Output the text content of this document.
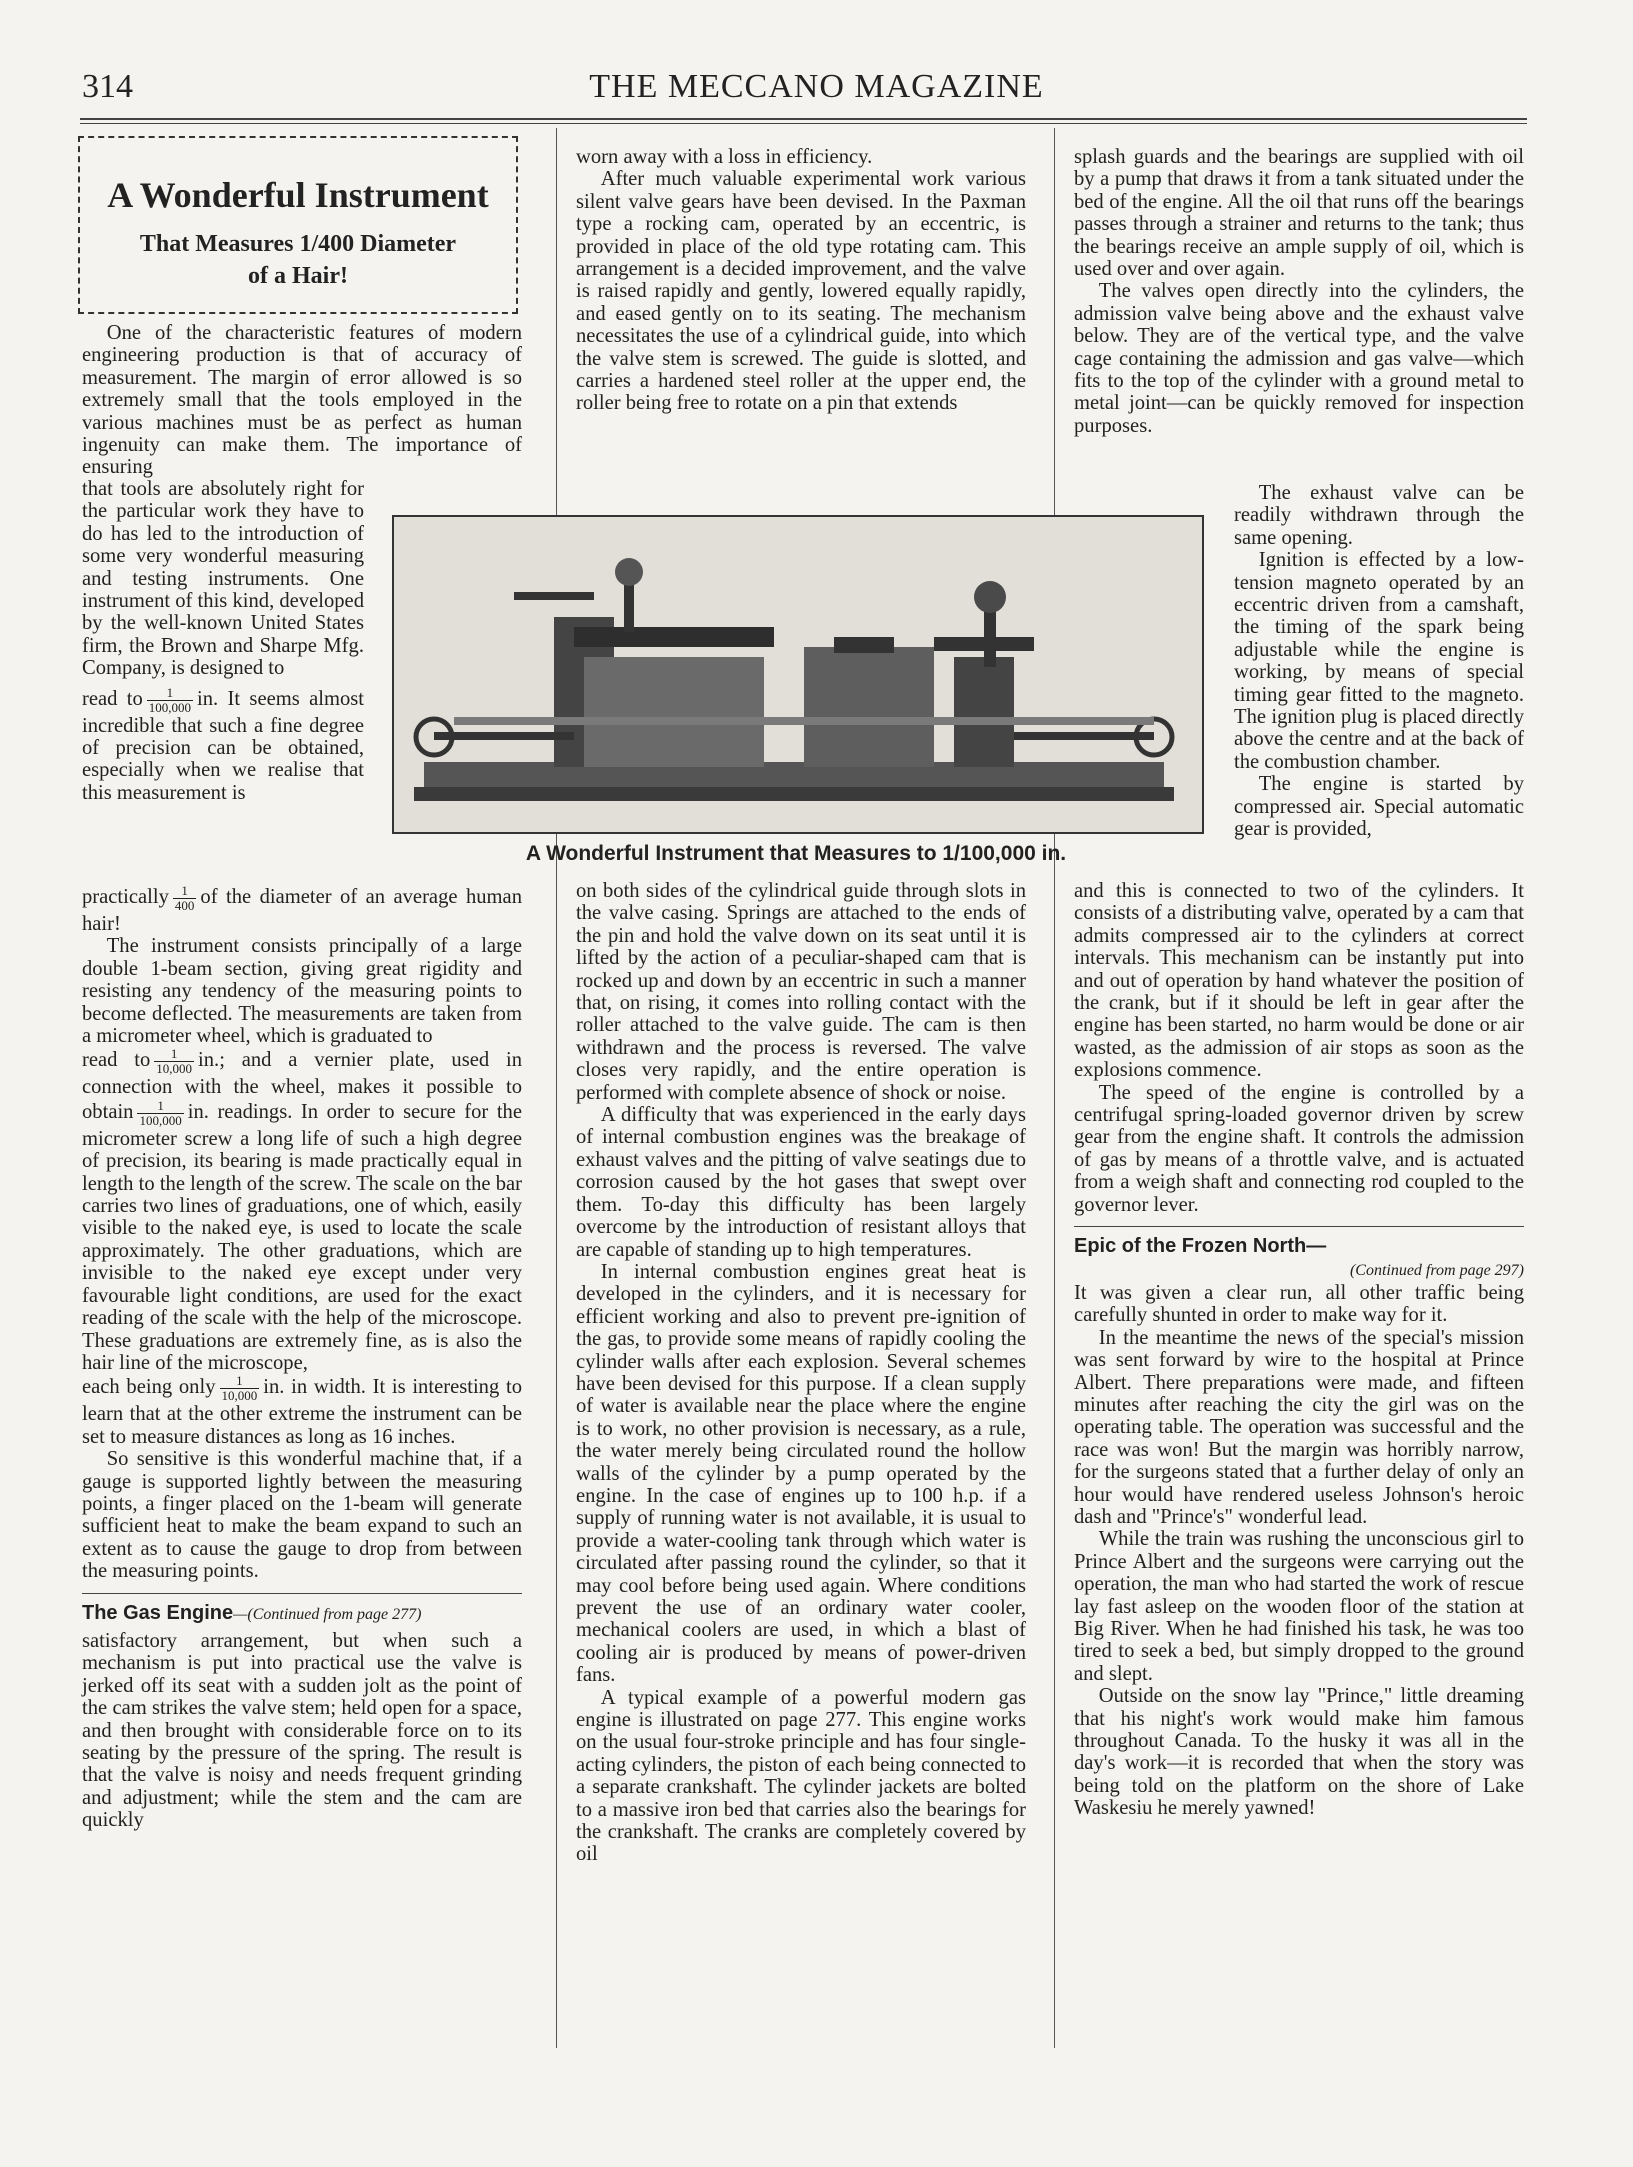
314	THE MECCANO MAGAZINE
A Wonderful Instrument
That Measures 1/400 Diameter
of a Hair!

One of the characteristic features of modern engineering production is that of accuracy of measurement. The margin of error allowed is so extremely small that the tools employed in the various machines must be as perfect as human ingenuity can make them. The importance of ensuring

that tools are absolutely right for the particular work they have to do has led to the introduction of some very wonderful measuring and testing instruments. One instrument of this kind, developed by the well-known United States firm, the Brown and Sharpe Mfg. Company, is designed to

read to $\frac{1}{100,000}$ in. It seems almost incredible that such a fine degree of precision can be obtained, especially when we realise that this measurement is

practically $\frac{1}{400}$ of the diameter of an average human hair!

The instrument consists principally of a large double 1-beam section, giving great rigidity and resisting any tendency of the measuring points to become deflected. The measurements are taken from a micrometer wheel, which is graduated to

read to $\frac{1}{10,000}$ in.; and a vernier plate, used in connection with the wheel, makes it possible to obtain $\frac{1}{100,000}$ in. readings. In order to secure for the micrometer screw a long life of such a high degree of precision, its bearing is made practically equal in length to the length of the screw. The scale on the bar carries two lines of graduations, one of which, easily visible to the naked eye, is used to locate the scale approximately. The other graduations, which are invisible to the naked eye except under very favourable light conditions, are used for the exact reading of the scale with the help of the microscope. These graduations are extremely fine, as is also the hair line of the microscope,

each being only $\frac{1}{10,000}$ in. in width. It is interesting to learn that at the other extreme the instrument can be set to measure distances as long as 16 inches.

So sensitive is this wonderful machine that, if a gauge is supported lightly between the measuring points, a finger placed on the 1-beam will generate sufficient heat to make the beam expand to such an extent as to cause the gauge to drop from between the measuring points.

The Gas Engine—(Continued from page 277)

satisfactory arrangement, but when such a mechanism is put into practical use the valve is jerked off its seat with a sudden jolt as the point of the cam strikes the valve stem; held open for a space, and then brought with considerable force on to its seating by the pressure of the spring. The result is that the valve is noisy and needs frequent grinding and adjustment; while the stem and the cam are quickly

worn away with a loss in efficiency.

After much valuable experimental work various silent valve gears have been devised. In the Paxman type a rocking cam, operated by an eccentric, is provided in place of the old type rotating cam. This arrangement is a decided improvement, and the valve is raised rapidly and gently, lowered equally rapidly, and eased gently on to its seating. The mechanism necessitates the use of a cylindrical guide, into which the valve stem is screwed. The guide is slotted, and carries a hardened steel roller at the upper end, the roller being free to rotate on a pin that extends

A Wonderful Instrument that Measures to 1/100,000 in.

on both sides of the cylindrical guide through slots in the valve casing. Springs are attached to the ends of the pin and hold the valve down on its seat until it is lifted by the action of a peculiar-shaped cam that is rocked up and down by an eccentric in such a manner that, on rising, it comes into rolling contact with the roller attached to the valve guide. The cam is then withdrawn and the process is reversed. The valve closes very rapidly, and the entire operation is performed with complete absence of shock or noise.

A difficulty that was experienced in the early days of internal combustion engines was the breakage of exhaust valves and the pitting of valve seatings due to corrosion caused by the hot gases that swept over them. To-day this difficulty has been largely overcome by the introduction of resistant alloys that are capable of standing up to high temperatures.

In internal combustion engines great heat is developed in the cylinders, and it is necessary for efficient working and also to prevent pre-ignition of the gas, to provide some means of rapidly cooling the cylinder walls after each explosion. Several schemes have been devised for this purpose. If a clean supply of water is available near the place where the engine is to work, no other provision is necessary, as a rule, the water merely being circulated round the hollow walls of the cylinder by a pump operated by the engine. In the case of engines up to 100 h.p. if a supply of running water is not available, it is usual to provide a water-cooling tank through which water is circulated after passing round the cylinder, so that it may cool before being used again. Where conditions prevent the use of an ordinary water cooler, mechanical coolers are used, in which a blast of cooling air is produced by means of power-driven fans.

A typical example of a powerful modern gas engine is illustrated on page 277. This engine works on the usual four-stroke principle and has four single-acting cylinders, the piston of each being connected to a separate crankshaft. The cylinder jackets are bolted to a massive iron bed that carries also the bearings for the crankshaft. The cranks are completely covered by oil

splash guards and the bearings are supplied with oil by a pump that draws it from a tank situated under the bed of the engine. All the oil that runs off the bearings passes through a strainer and returns to the tank; thus the bearings receive an ample supply of oil, which is used over and over again.

The valves open directly into the cylinders, the admission valve being above and the exhaust valve below. They are of the vertical type, and the valve cage containing the admission and gas valve—which fits to the top of the cylinder with a ground metal to metal joint—can be quickly removed for inspection purposes.

The exhaust valve can be readily withdrawn through the same opening.

Ignition is effected by a low-tension magneto operated by an eccentric driven from a camshaft, the timing of the spark being adjustable while the engine is working, by means of special timing gear fitted to the magneto. The ignition plug is placed directly above the centre and at the back of the combustion chamber.

The engine is started by compressed air. Special automatic gear is provided,

and this is connected to two of the cylinders. It consists of a distributing valve, operated by a cam that admits compressed air to the cylinders at correct intervals. This mechanism can be instantly put into and out of operation by hand whatever the position of the crank, but if it should be left in gear after the engine has been started, no harm would be done or air wasted, as the admission of air stops as soon as the explosions commence.

The speed of the engine is controlled by a centrifugal spring-loaded governor driven by screw gear from the engine shaft. It controls the admission of gas by means of a throttle valve, and is actuated from a weigh shaft and connecting rod coupled to the governor lever.

Epic of the Frozen North—

(Continued from page 297)

It was given a clear run, all other traffic being carefully shunted in order to make way for it.

In the meantime the news of the special's mission was sent forward by wire to the hospital at Prince Albert. There preparations were made, and fifteen minutes after reaching the city the girl was on the operating table. The operation was successful and the race was won! But the margin was horribly narrow, for the surgeons stated that a further delay of only an hour would have rendered useless Johnson's heroic dash and "Prince's" wonderful lead.

While the train was rushing the unconscious girl to Prince Albert and the surgeons were carrying out the operation, the man who had started the work of rescue lay fast asleep on the wooden floor of the station at Big River. When he had finished his task, he was too tired to seek a bed, but simply dropped to the ground and slept.

Outside on the snow lay "Prince," little dreaming that his night's work would make him famous throughout Canada. To the husky it was all in the day's work—it is recorded that when the story was being told on the platform on the shore of Lake Waskesiu he merely yawned!
